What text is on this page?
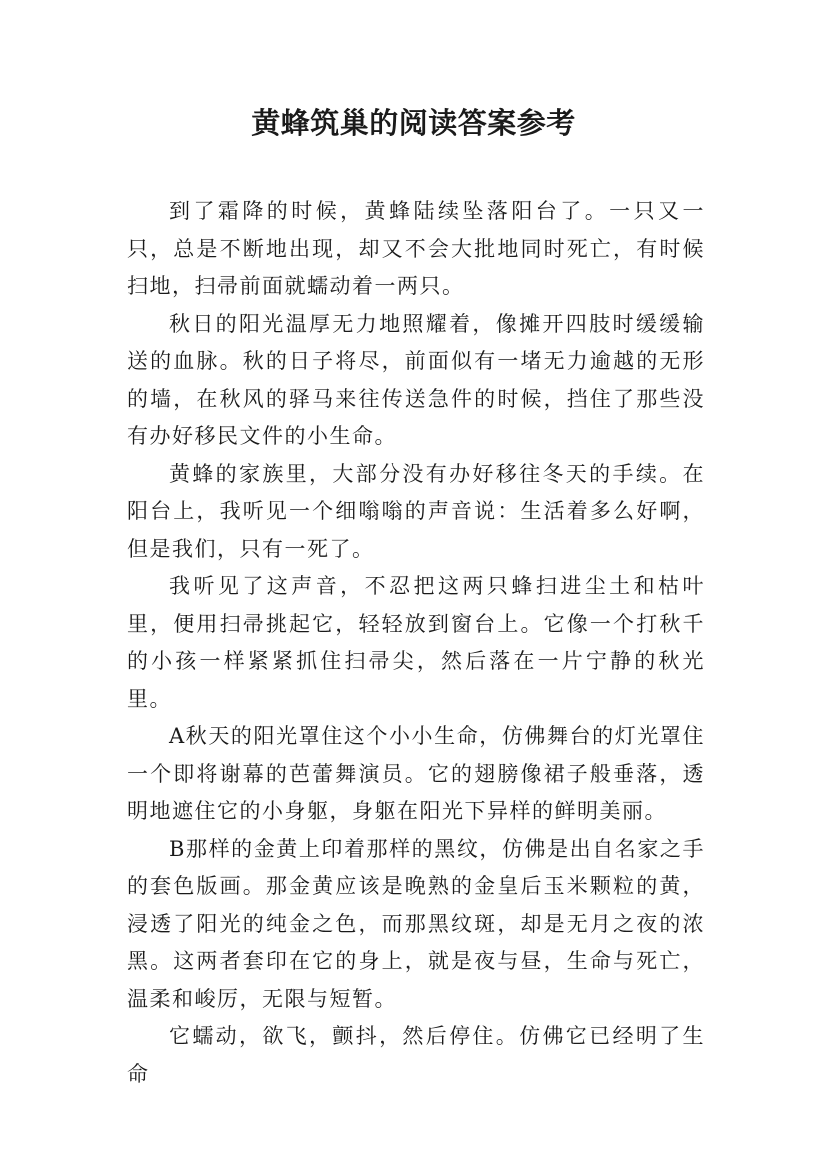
黄蜂筑巢的阅读答案参考

到了霜降的时候，黄蜂陆续坠落阳台了。一只又一只，总是不断地出现，却又不会大批地同时死亡，有时候扫地，扫帚前面就蠕动着一两只。

秋日的阳光温厚无力地照耀着，像摊开四肢时缓缓输送的血脉。秋的日子将尽，前面似有一堵无力逾越的无形的墙，在秋风的驿马来往传送急件的时候，挡住了那些没有办好移民文件的小生命。

黄蜂的家族里，大部分没有办好移往冬天的手续。在阳台上，我听见一个细嗡嗡的声音说：生活着多么好啊，但是我们，只有一死了。

我听见了这声音，不忍把这两只蜂扫进尘土和枯叶里，便用扫帚挑起它，轻轻放到窗台上。它像一个打秋千的小孩一样紧紧抓住扫帚尖，然后落在一片宁静的秋光里。

A秋天的阳光罩住这个小小生命，仿佛舞台的灯光罩住一个即将谢幕的芭蕾舞演员。它的翅膀像裙子般垂落，透明地遮住它的小身躯，身躯在阳光下异样的鲜明美丽。

B那样的金黄上印着那样的黑纹，仿佛是出自名家之手的套色版画。那金黄应该是晚熟的金皇后玉米颗粒的黄，浸透了阳光的纯金之色，而那黑纹斑，却是无月之夜的浓黑。这两者套印在它的身上，就是夜与昼，生命与死亡，温柔和峻厉，无限与短暂。

它蠕动，欲飞，颤抖，然后停住。仿佛它已经明了生命
